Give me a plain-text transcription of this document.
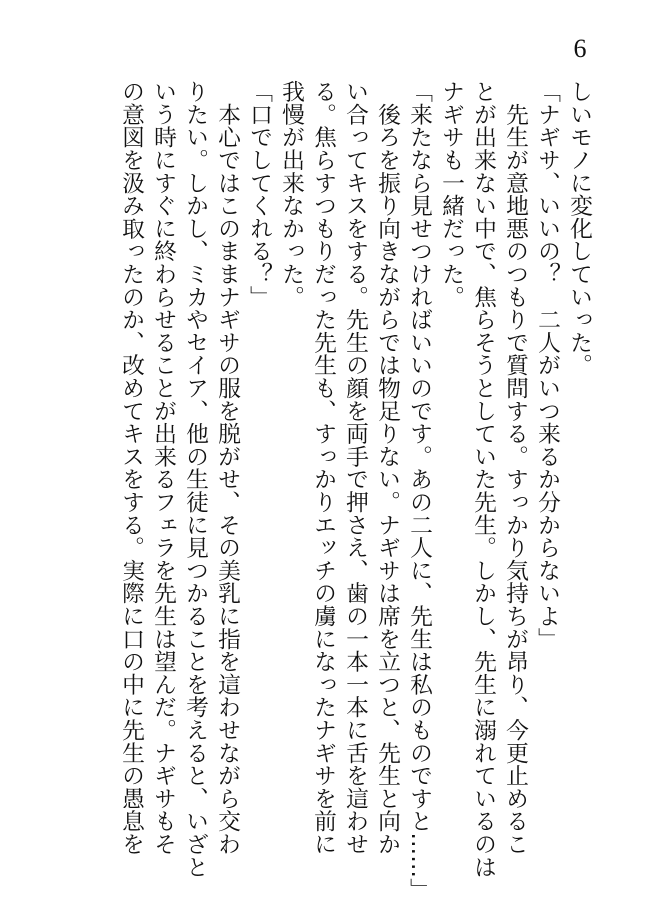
6

しいモノに変化していった。

「ナギサ、いいの？　二人がいつ来るか分からないよ」

　先生が意地悪のつもりで質問する。すっかり気持ちが昂り、今更止めるこ

とが出来ない中で、焦らそうとしていた先生。しかし、先生に溺れているのは

ナギサも一緒だった。

「来たなら見せつければいいのです。あの二人に、先生は私のものですと……」

　後ろを振り向きながらでは物足りない。ナギサは席を立つと、先生と向か

い合ってキスをする。先生の顔を両手で押さえ、歯の一本一本に舌を這わせ

る。焦らすつもりだった先生も、すっかりエッチの虜になったナギサを前に

我慢が出来なかった。

「口でしてくれる？」

　本心ではこのままナギサの服を脱がせ、その美乳に指を這わせながら交わ

りたい。しかし、ミカやセイア、他の生徒に見つかることを考えると、いざと

いう時にすぐに終わらせることが出来るフェラを先生は望んだ。ナギサもそ

の意図を汲み取ったのか、改めてキスをする。実際に口の中に先生の愚息を
